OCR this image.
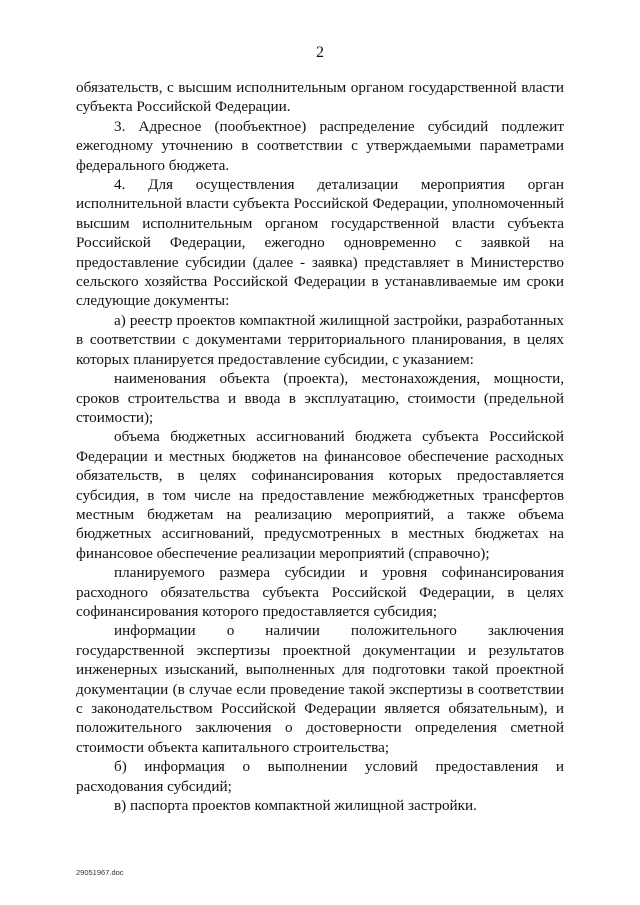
2

обязательств, с высшим исполнительным органом государственной власти субъекта Российской Федерации.

3. Адресное (пообъектное) распределение субсидий подлежит ежегодному уточнению в соответствии с утверждаемыми параметрами федерального бюджета.

4. Для осуществления детализации мероприятия орган исполнительной власти субъекта Российской Федерации, уполномоченный высшим исполнительным органом государственной власти субъекта Российской Федерации, ежегодно одновременно с заявкой на предоставление субсидии (далее - заявка) представляет в Министерство сельского хозяйства Российской Федерации в устанавливаемые им сроки следующие документы:

а) реестр проектов компактной жилищной застройки, разработанных в соответствии с документами территориального планирования, в целях которых планируется предоставление субсидии, с указанием:

наименования объекта (проекта), местонахождения, мощности, сроков строительства и ввода в эксплуатацию, стоимости (предельной стоимости);

объема бюджетных ассигнований бюджета субъекта Российской Федерации и местных бюджетов на финансовое обеспечение расходных обязательств, в целях софинансирования которых предоставляется субсидия, в том числе на предоставление межбюджетных трансфертов местным бюджетам на реализацию мероприятий, а также объема бюджетных ассигнований, предусмотренных в местных бюджетах на финансовое обеспечение реализации мероприятий (справочно);

планируемого размера субсидии и уровня софинансирования расходного обязательства субъекта Российской Федерации, в целях софинансирования которого предоставляется субсидия;

информации о наличии положительного заключения государственной экспертизы проектной документации и результатов инженерных изысканий, выполненных для подготовки такой проектной документации (в случае если проведение такой экспертизы в соответствии с законодательством Российской Федерации является обязательным), и положительного заключения о достоверности определения сметной стоимости объекта капитального строительства;

б) информация о выполнении условий предоставления и расходования субсидий;

в) паспорта проектов компактной жилищной застройки.

29051967.doc
